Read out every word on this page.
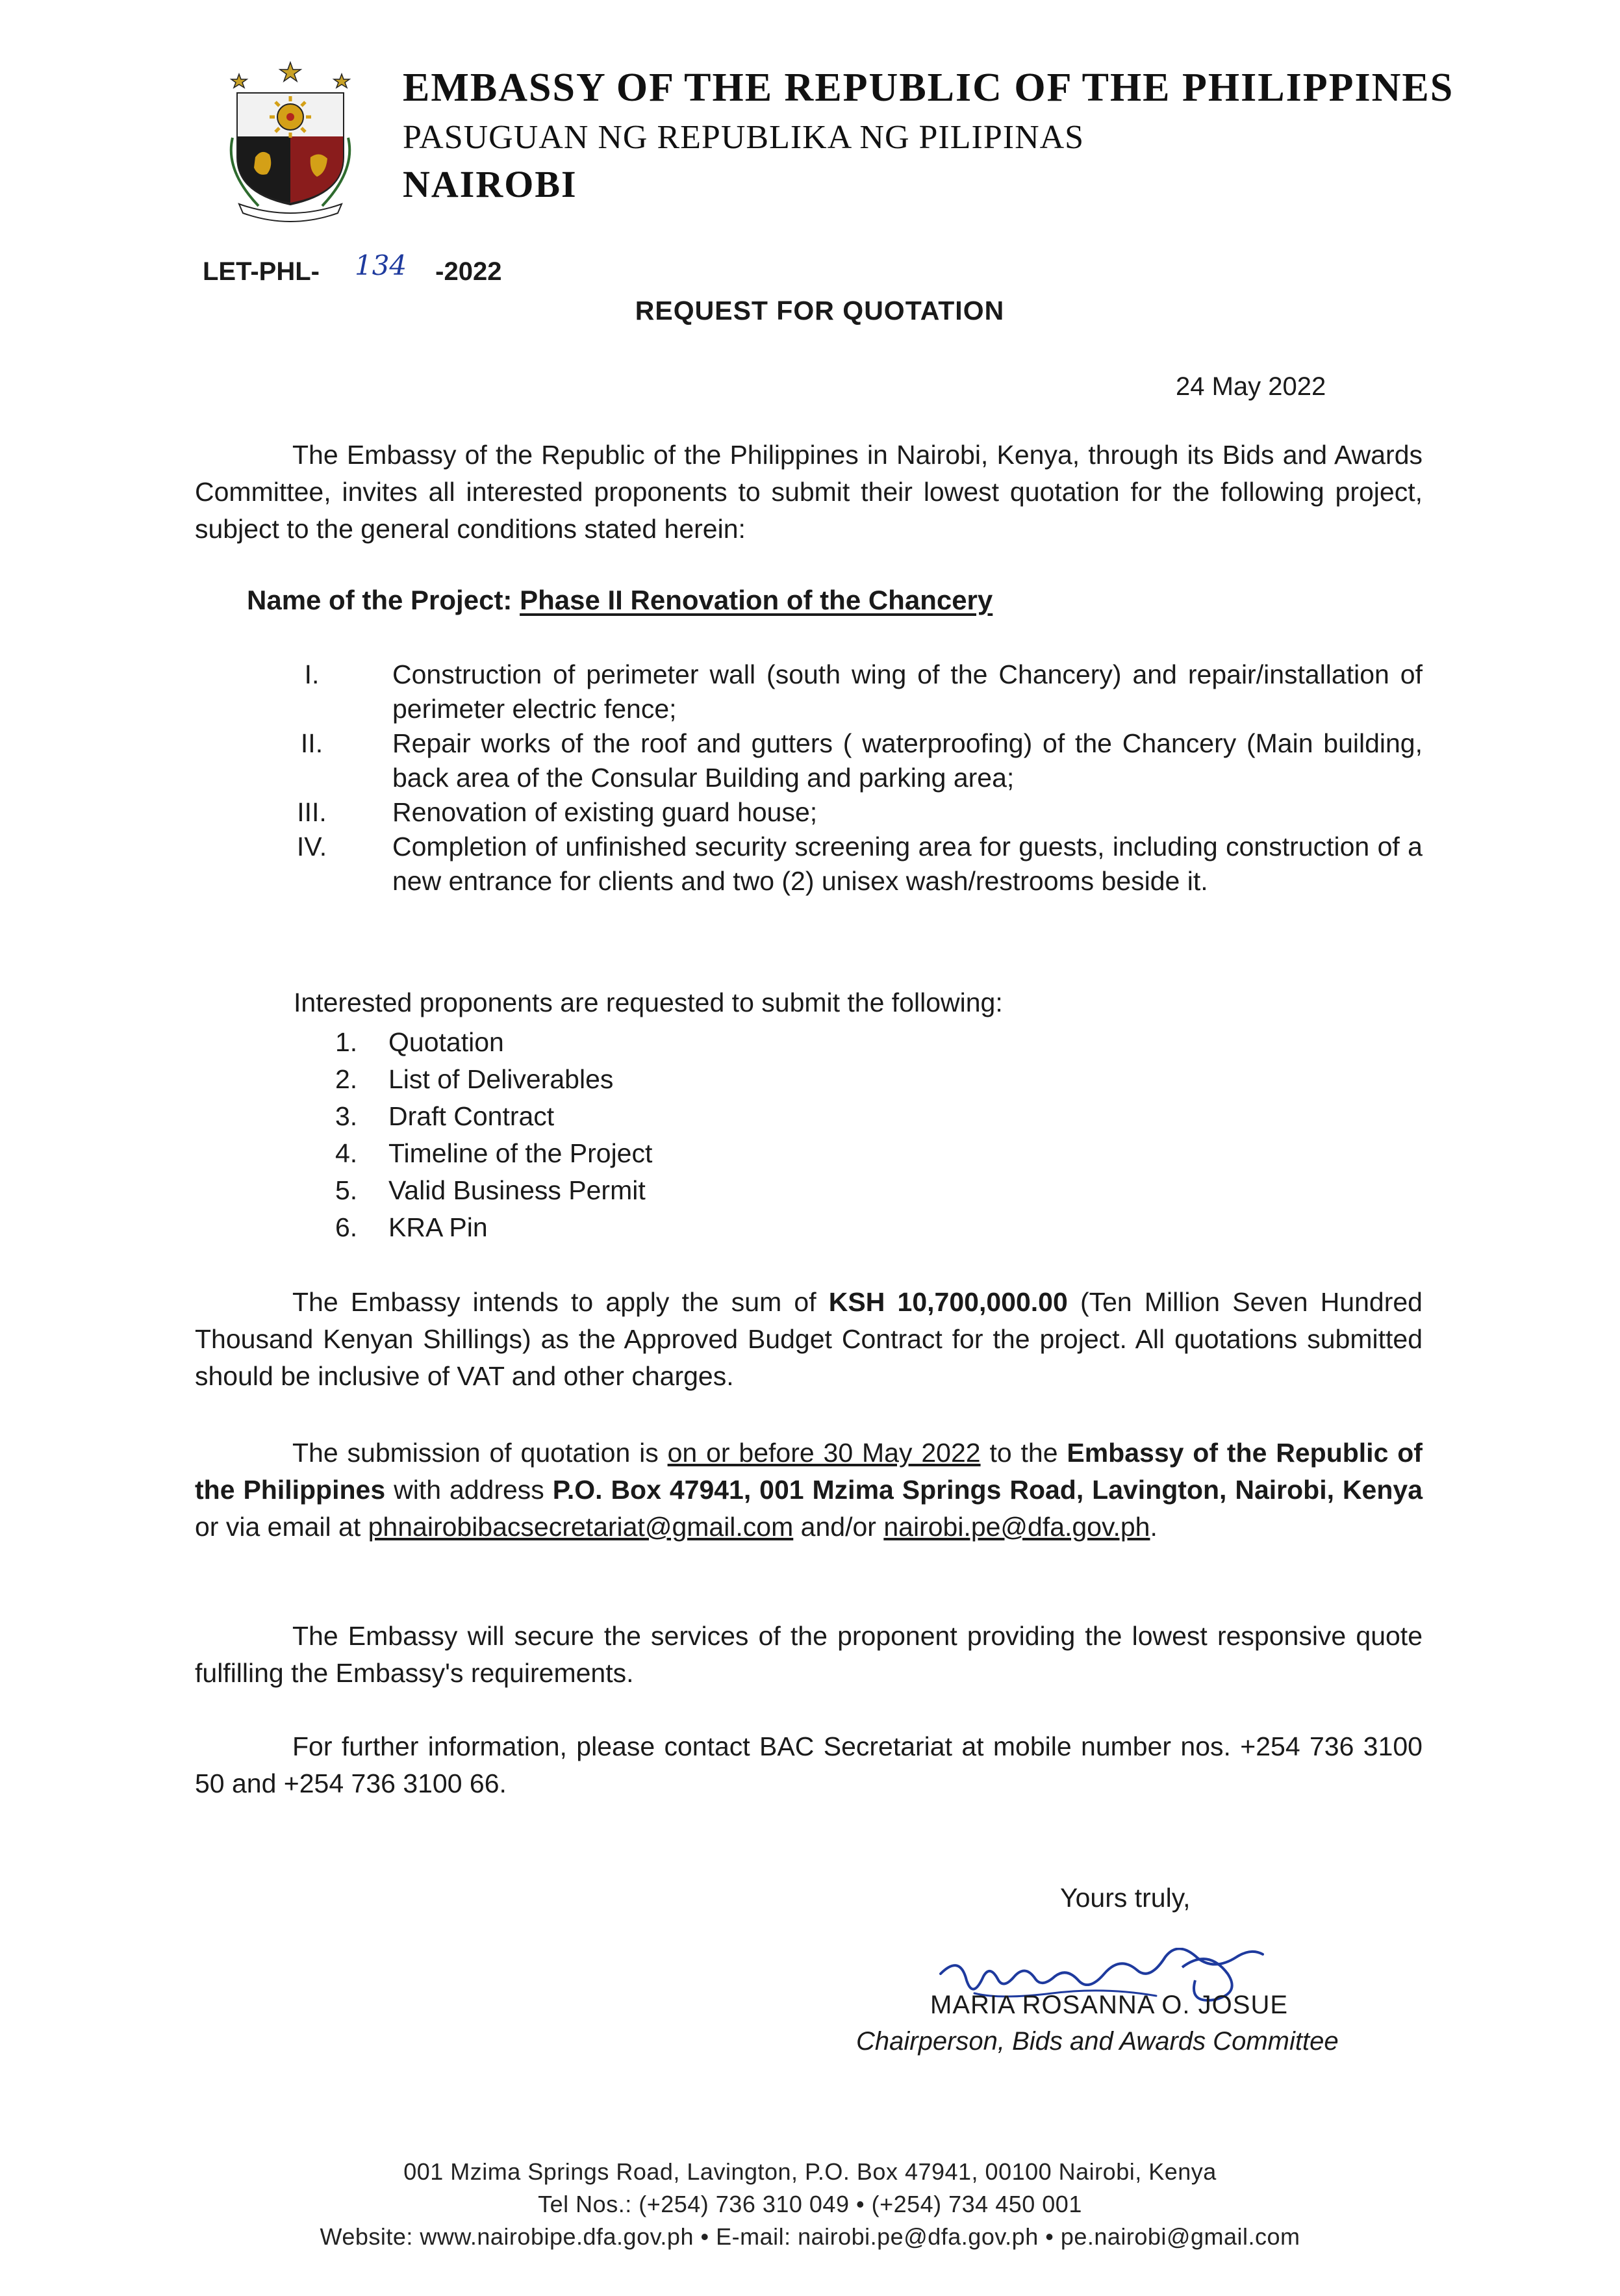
EMBASSY OF THE REPUBLIC OF THE PHILIPPINES
PASUGUAN NG REPUBLIKA NG PILIPINAS
NAIROBI
LET-PHL- 134 -2022
REQUEST FOR QUOTATION
24 May 2022

The Embassy of the Republic of the Philippines in Nairobi, Kenya, through its Bids and Awards Committee, invites all interested proponents to submit their lowest quotation for the following project, subject to the general conditions stated herein:

Name of the Project: Phase II Renovation of the Chancery
I.	Construction of perimeter wall (south wing of the Chancery) and repair/installation of perimeter electric fence;
II.	Repair works of the roof and gutters ( waterproofing) of the Chancery (Main building, back area of the Consular Building and parking area;
III.	Renovation of existing guard house;
IV.	Completion of unfinished security screening area for guests, including construction of a new entrance for clients and two (2) unisex wash/restrooms beside it.
Interested proponents are requested to submit the following:
1. Quotation
2. List of Deliverables
3. Draft Contract
4. Timeline of the Project
5. Valid Business Permit
6. KRA Pin

The Embassy intends to apply the sum of KSH 10,700,000.00 (Ten Million Seven Hundred Thousand Kenyan Shillings) as the Approved Budget Contract for the project. All quotations submitted should be inclusive of VAT and other charges.

The submission of quotation is on or before 30 May 2022 to the Embassy of the Republic of the Philippines with address P.O. Box 47941, 001 Mzima Springs Road, Lavington, Nairobi, Kenya or via email at phnairobibacsecretariat@gmail.com and/or nairobi.pe@dfa.gov.ph.

The Embassy will secure the services of the proponent providing the lowest responsive quote fulfilling the Embassy's requirements.

For further information, please contact BAC Secretariat at mobile number nos. +254 736 3100 50 and +254 736 3100 66.

Yours truly,
MARIA ROSANNA O. JOSUE
Chairperson, Bids and Awards Committee
001 Mzima Springs Road, Lavington, P.O. Box 47941, 00100 Nairobi, Kenya
Tel Nos.: (+254) 736 310 049 • (+254) 734 450 001
Website: www.nairobipe.dfa.gov.ph • E-mail: nairobi.pe@dfa.gov.ph • pe.nairobi@gmail.com
